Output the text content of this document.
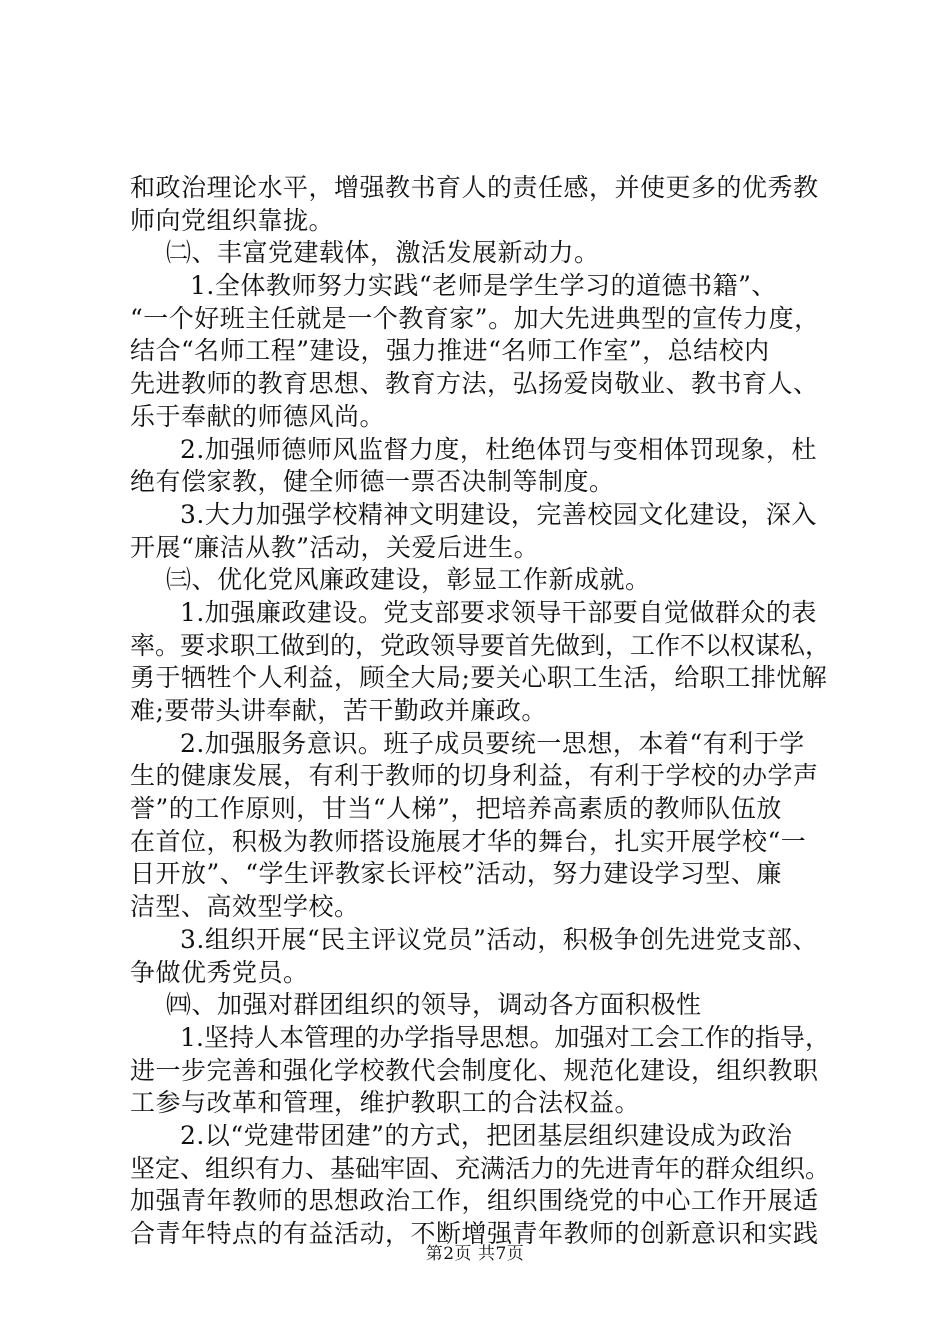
和政治理论水平，增强教书育人的责任感，并使更多的优秀教
师向党组织靠拢。
㈡、丰富党建载体，激活发展新动力。
1.全体教师努力实践“老师是学生学习的道德书籍”、
“一个好班主任就是一个教育家”。加大先进典型的宣传力度，
结合“名师工程”建设，强力推进“名师工作室”，总结校内
先进教师的教育思想、教育方法，弘扬爱岗敬业、教书育人、
乐于奉献的师德风尚。
2.加强师德师风监督力度，杜绝体罚与变相体罚现象，杜
绝有偿家教，健全师德一票否决制等制度。
3.大力加强学校精神文明建设，完善校园文化建设，深入
开展“廉洁从教”活动，关爱后进生。
㈢、优化党风廉政建设，彰显工作新成就。
1.加强廉政建设。党支部要求领导干部要自觉做群众的表
率。要求职工做到的，党政领导要首先做到，工作不以权谋私，
勇于牺牲个人利益，顾全大局;要关心职工生活，给职工排忧解
难;要带头讲奉献，苦干勤政并廉政。
2.加强服务意识。班子成员要统一思想，本着“有利于学
生的健康发展，有利于教师的切身利益，有利于学校的办学声
誉”的工作原则，甘当“人梯”，把培养高素质的教师队伍放
在首位，积极为教师搭设施展才华的舞台，扎实开展学校“一
日开放”、“学生评教家长评校”活动，努力建设学习型、廉
洁型、高效型学校。
3.组织开展“民主评议党员”活动，积极争创先进党支部、
争做优秀党员。
㈣、加强对群团组织的领导，调动各方面积极性
1.坚持人本管理的办学指导思想。加强对工会工作的指导，
进一步完善和强化学校教代会制度化、规范化建设，组织教职
工参与改革和管理，维护教职工的合法权益。
2.以“党建带团建”的方式，把团基层组织建设成为政治
坚定、组织有力、基础牢固、充满活力的先进青年的群众组织。
加强青年教师的思想政治工作，组织围绕党的中心工作开展适
合青年特点的有益活动，不断增强青年教师的创新意识和实践
第2页 共7页
